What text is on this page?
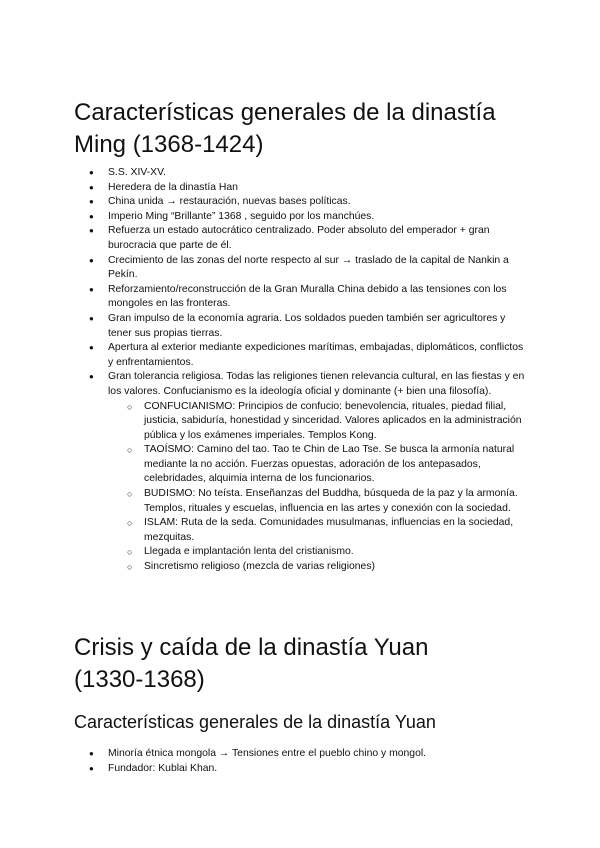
Características generales de la dinastía
Ming (1368-1424)
● S.S. XIV-XV.
● Heredera de la dinastía Han
● China unida → restauración, nuevas bases políticas.
● Imperio Ming “Brillante” 1368 , seguido por los manchúes.
● Refuerza un estado autocrático centralizado. Poder absoluto del emperador + gran burocracia que parte de él.
● Crecimiento de las zonas del norte respecto al sur → traslado de la capital de Nankin a Pekín.
● Reforzamiento/reconstrucción de la Gran Muralla China debido a las tensiones con los mongoles en las fronteras.
● Gran impulso de la economía agraria. Los soldados pueden también ser agricultores y tener sus propias tierras.
● Apertura al exterior mediante expediciones marítimas, embajadas, diplomáticos, conflictos y enfrentamientos.
● Gran tolerancia religiosa. Todas las religiones tienen relevancia cultural, en las fiestas y en los valores. Confucianismo es la ideología oficial y dominante (+ bien una filosofía).
○ CONFUCIANISMO: Principios de confucio: benevolencia, rituales, piedad filial, justicia, sabiduría, honestidad y sinceridad. Valores aplicados en la administración pública y los exámenes imperiales. Templos Kong.
○ TAOÍSMO: Camino del tao. Tao te Chin de Lao Tse. Se busca la armonía natural mediante la no acción. Fuerzas opuestas, adoración de los antepasados, celebridades, alquimia interna de los funcionarios.
○ BUDISMO: No teísta. Enseñanzas del Buddha, búsqueda de la paz y la armonía. Templos, rituales y escuelas, influencia en las artes y conexión con la sociedad.
○ ISLAM: Ruta de la seda. Comunidades musulmanas, influencias en la sociedad, mezquitas.
○ Llegada e implantación lenta del cristianismo.
○ Sincretismo religioso (mezcla de varias religiones)
Crisis y caída de la dinastía Yuan
(1330-1368)
Características generales de la dinastía Yuan
● Minoría étnica mongola → Tensiones entre el pueblo chino y mongol.
● Fundador: Kublai Khan.
